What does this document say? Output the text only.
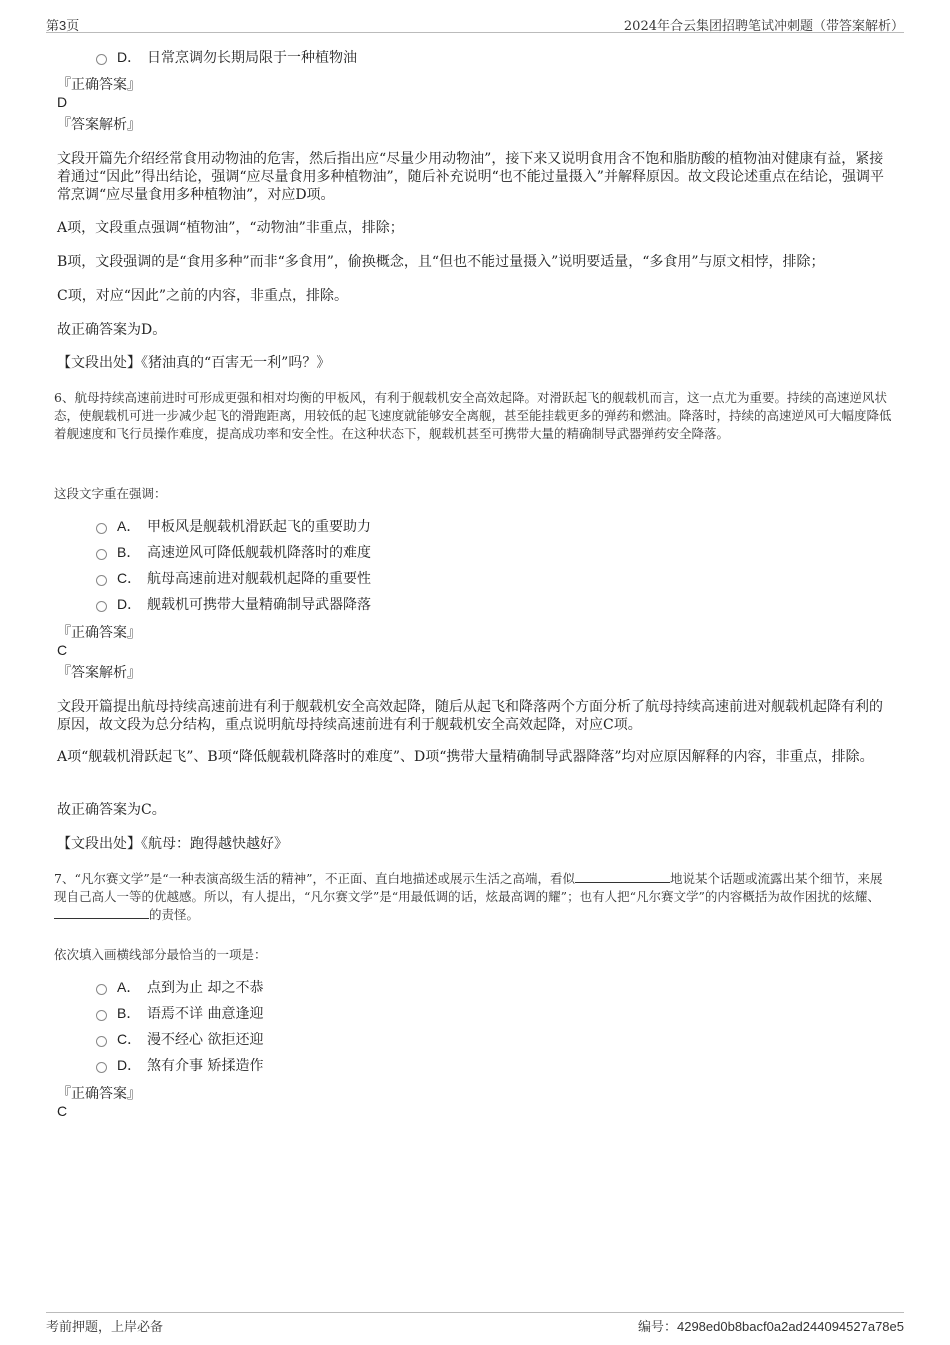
第3页	2024年合云集团招聘笔试冲刺题（带答案解析）
D． 日常烹调勿长期局限于一种植物油
『正确答案』
D
『答案解析』
文段开篇先介绍经常食用动物油的危害，然后指出应“尽量少用动物油”，接下来又说明食用含不饱和脂肪酸的植物油对健康有益，紧接着通过“因此”得出结论，强调“应尽量食用多种植物油”，随后补充说明“也不能过量摄入”并解释原因。故文段论述重点在结论，强调平常烹调“应尽量食用多种植物油”，对应D项。
A项，文段重点强调“植物油”，“动物油”非重点，排除；
B项，文段强调的是“食用多种”而非“多食用”，偷换概念，且“但也不能过量摄入”说明要适量，“多食用”与原文相悖，排除；
C项，对应“因此”之前的内容，非重点，排除。
故正确答案为D。
【文段出处】《猪油真的“百害无一利”吗？》
6、航母持续高速前进时可形成更强和相对均衡的甲板风，有利于舰载机安全高效起降。对滑跃起飞的舰载机而言，这一点尤为重要。持续的高速逆风状态，使舰载机可进一步减少起飞的滑跑距离，用较低的起飞速度就能够安全离舰，甚至能挂载更多的弹药和燃油。降落时，持续的高速逆风可大幅度降低着舰速度和飞行员操作难度，提高成功率和安全性。在这种状态下，舰载机甚至可携带大量的精确制导武器弹药安全降落。
这段文字重在强调：
A． 甲板风是舰载机滑跃起飞的重要助力
B． 高速逆风可降低舰载机降落时的难度
C． 航母高速前进对舰载机起降的重要性
D． 舰载机可携带大量精确制导武器降落
『正确答案』
C
『答案解析』
文段开篇提出航母持续高速前进有利于舰载机安全高效起降，随后从起飞和降落两个方面分析了航母持续高速前进对舰载机起降有利的原因，故文段为总分结构，重点说明航母持续高速前进有利于舰载机安全高效起降，对应C项。
A项“舰载机滑跃起飞”、B项“降低舰载机降落时的难度”、D项“携带大量精确制导武器降落”均对应原因解释的内容，非重点，排除。
故正确答案为C。
【文段出处】《航母：跑得越快越好》
7、“凡尔赛文学”是“一种表演高级生活的精神”，不正面、直白地描述或展示生活之高端，看似	地说某个话题或流露出某个细节，来展现自己高人一等的优越感。所以，有人提出，“凡尔赛文学”是“用最低调的话，炫最高调的耀”；也有人把“凡尔赛文学”的内容概括为故作困扰的炫耀、的责怪。
依次填入画横线部分最恰当的一项是：
A． 点到为止 却之不恭
B． 语焉不详 曲意逢迎
C． 漫不经心 欲拒还迎
D． 煞有介事 矫揉造作
『正确答案』
C
考前押题，上岸必备	编号：4298ed0b8bacf0a2ad244094527a78e5
